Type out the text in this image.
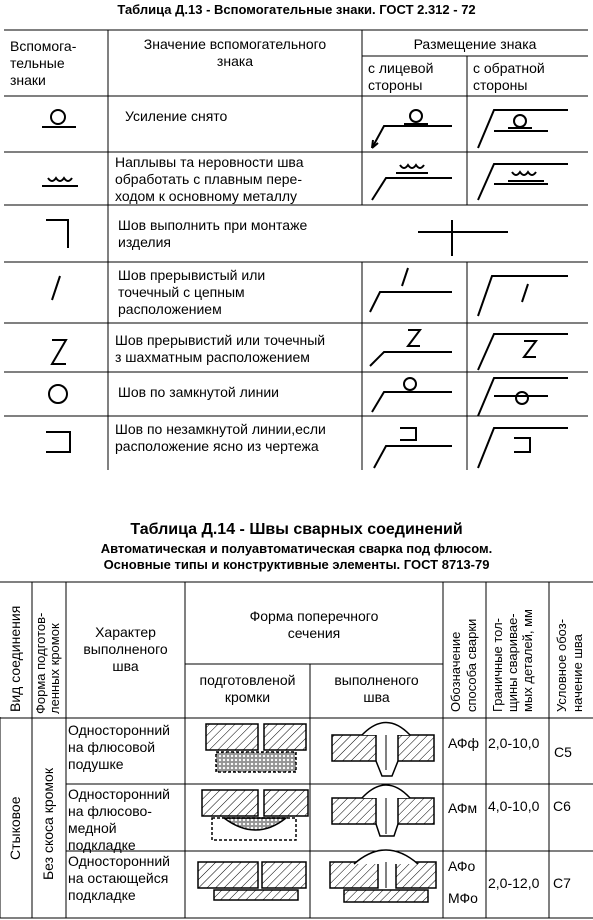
Таблица Д.13 - Вспомогательные знаки. ГОСТ 2.312 - 72
Вспомога-
тельные
знаки
Значение вспомогательного
знака
Размещение знака
с лицевой
стороны
с обратной
стороны
Усиление снято
Наплывы та неровности шва
обработать с плавным пере-
ходом к основному металлу
Шов выполнить при монтаже
изделия
Шов прерывистый или
точечный с цепным
расположением
Шов прерывистий или точечный
з шахматным расположением
Шов по замкнутой линии
Шов по незамкнутой линии,если
расположение ясно из чертежа
Таблица Д.14 - Швы сварных соединений
Автоматическая и полуавтоматическая сварка под флюсом.
Основные типы и конструктивные элементы. ГОСТ 8713-79
Вид соединения Форма подготов- ленных кромок	Характер
выполненого
шва
Форма поперечного
сечения
подготовленой
кромки
выполненого
шва	Обозначение способа сварки Граничные тол- щины сваривае- мых деталей, мм Условное обоз- начение шва
Стыковое Без скоса кромок
Односторонний
на флюсовой
подушке
АФф 2,0-10,0
С5
Односторонний
на флюсово-
медной
подкладке
АФм 4,0-10,0 С6
Односторонний
на остающейся
подкладке
АФо
МФо
2,0-12,0 С7
